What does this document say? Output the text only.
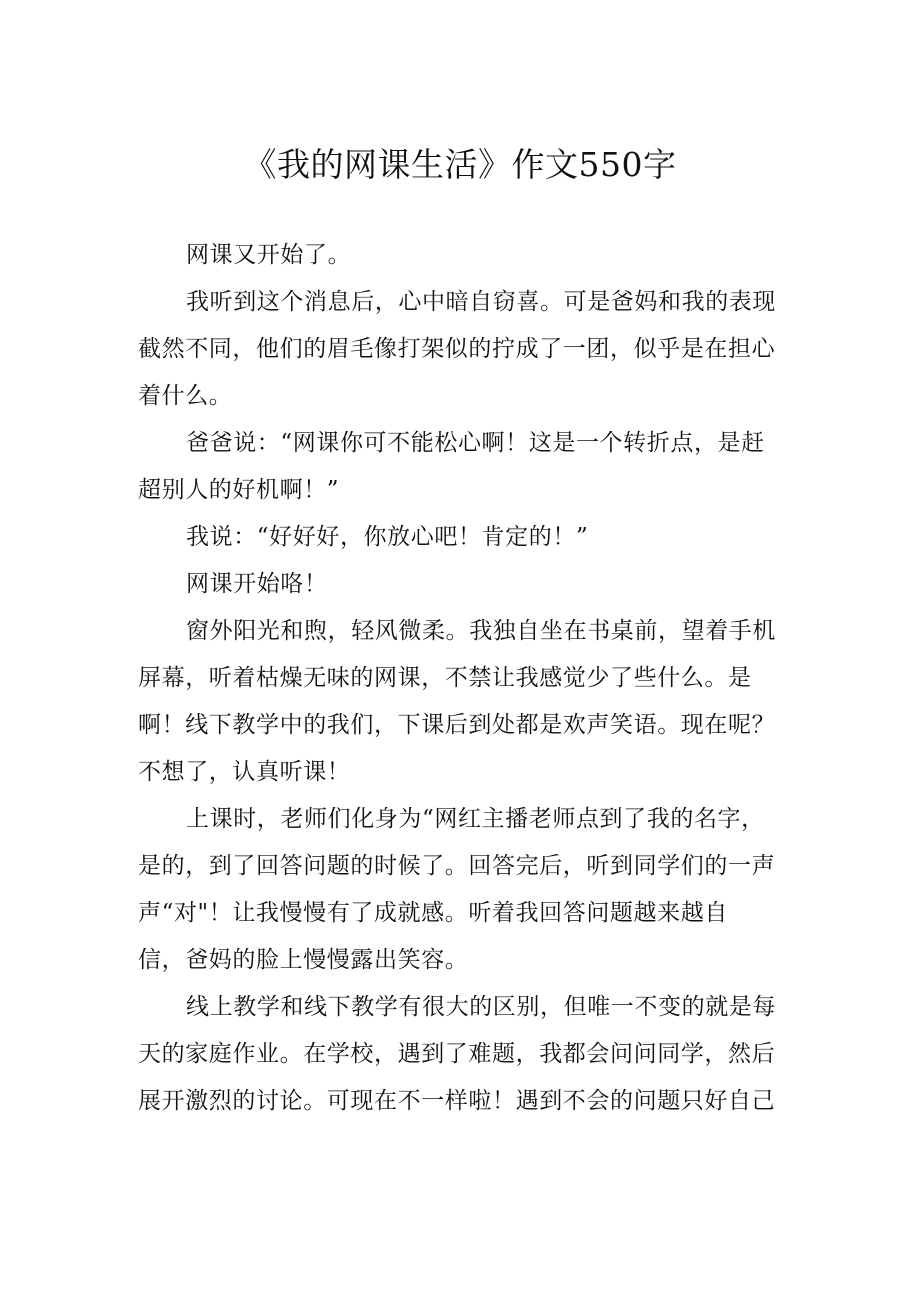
《我的网课生活》作文550字
网课又开始了。
我听到这个消息后，心中暗自窃喜。可是爸妈和我的表现
截然不同，他们的眉毛像打架似的拧成了一团，似乎是在担心
着什么。
爸爸说：“网课你可不能松心啊！这是一个转折点，是赶
超别人的好机啊！”
我说：“好好好，你放心吧！肯定的！”
网课开始咯！
窗外阳光和煦，轻风微柔。我独自坐在书桌前，望着手机
屏幕，听着枯燥无味的网课，不禁让我感觉少了些什么。是
啊！线下教学中的我们，下课后到处都是欢声笑语。现在呢？
不想了，认真听课！
上课时，老师们化身为“网红主播老师点到了我的名字，
是的，到了回答问题的时候了。回答完后，听到同学们的一声
声“对"！让我慢慢有了成就感。听着我回答问题越来越自
信，爸妈的脸上慢慢露出笑容。
线上教学和线下教学有很大的区别，但唯一不变的就是每
天的家庭作业。在学校，遇到了难题，我都会问问同学，然后
展开激烈的讨论。可现在不一样啦！遇到不会的问题只好自己
